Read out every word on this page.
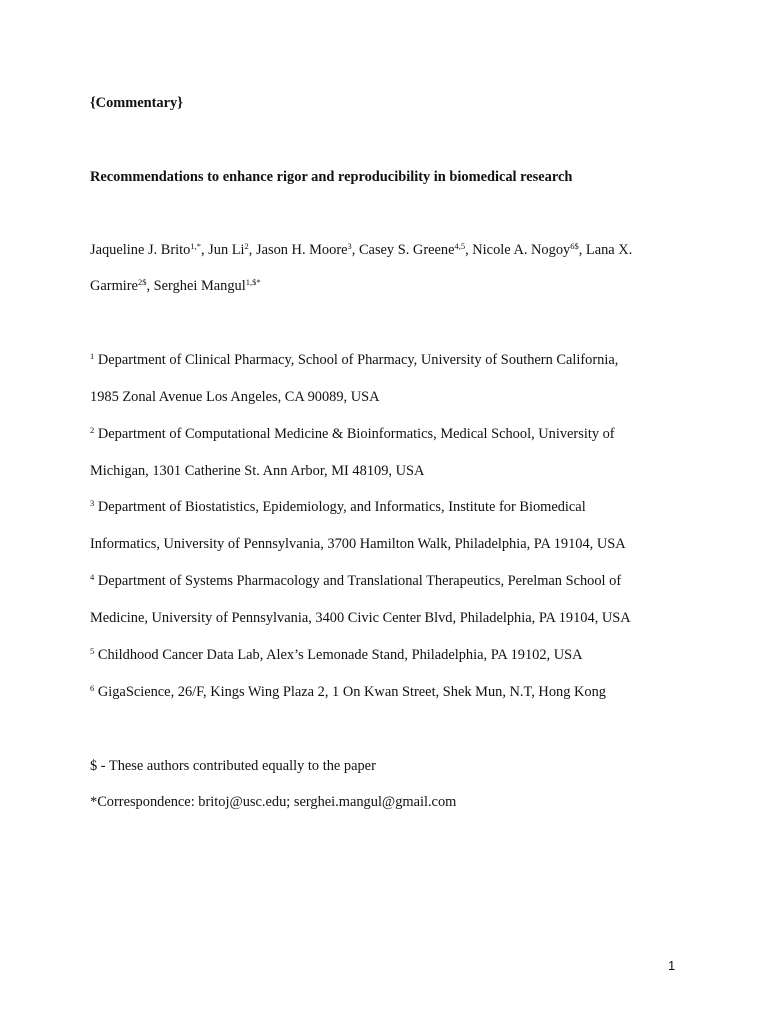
{Commentary}
Recommendations to enhance rigor and reproducibility in biomedical research
Jaqueline J. Brito$^{1,*}$, Jun Li$^2$, Jason H. Moore$^3$, Casey S. Greene$^{4,5}$, Nicole A. Nogoy$^{6\$}$, Lana X.
Garmire$^{2\$}$, Serghei Mangul$^{1,\$*}$
$^1$ Department of Clinical Pharmacy, School of Pharmacy, University of Southern California,
1985 Zonal Avenue Los Angeles, CA 90089, USA
$^2$ Department of Computational Medicine & Bioinformatics, Medical School, University of
Michigan, 1301 Catherine St. Ann Arbor, MI 48109, USA
$^3$ Department of Biostatistics, Epidemiology, and Informatics, Institute for Biomedical
Informatics, University of Pennsylvania, 3700 Hamilton Walk, Philadelphia, PA 19104, USA
$^4$ Department of Systems Pharmacology and Translational Therapeutics, Perelman School of
Medicine, University of Pennsylvania, 3400 Civic Center Blvd, Philadelphia, PA 19104, USA
$^5$ Childhood Cancer Data Lab, Alex’s Lemonade Stand, Philadelphia, PA 19102, USA
$^6$ GigaScience, 26/F, Kings Wing Plaza 2, 1 On Kwan Street, Shek Mun, N.T, Hong Kong
$ - These authors contributed equally to the paper
*Correspondence: britoj@usc.edu; serghei.mangul@gmail.com
1
